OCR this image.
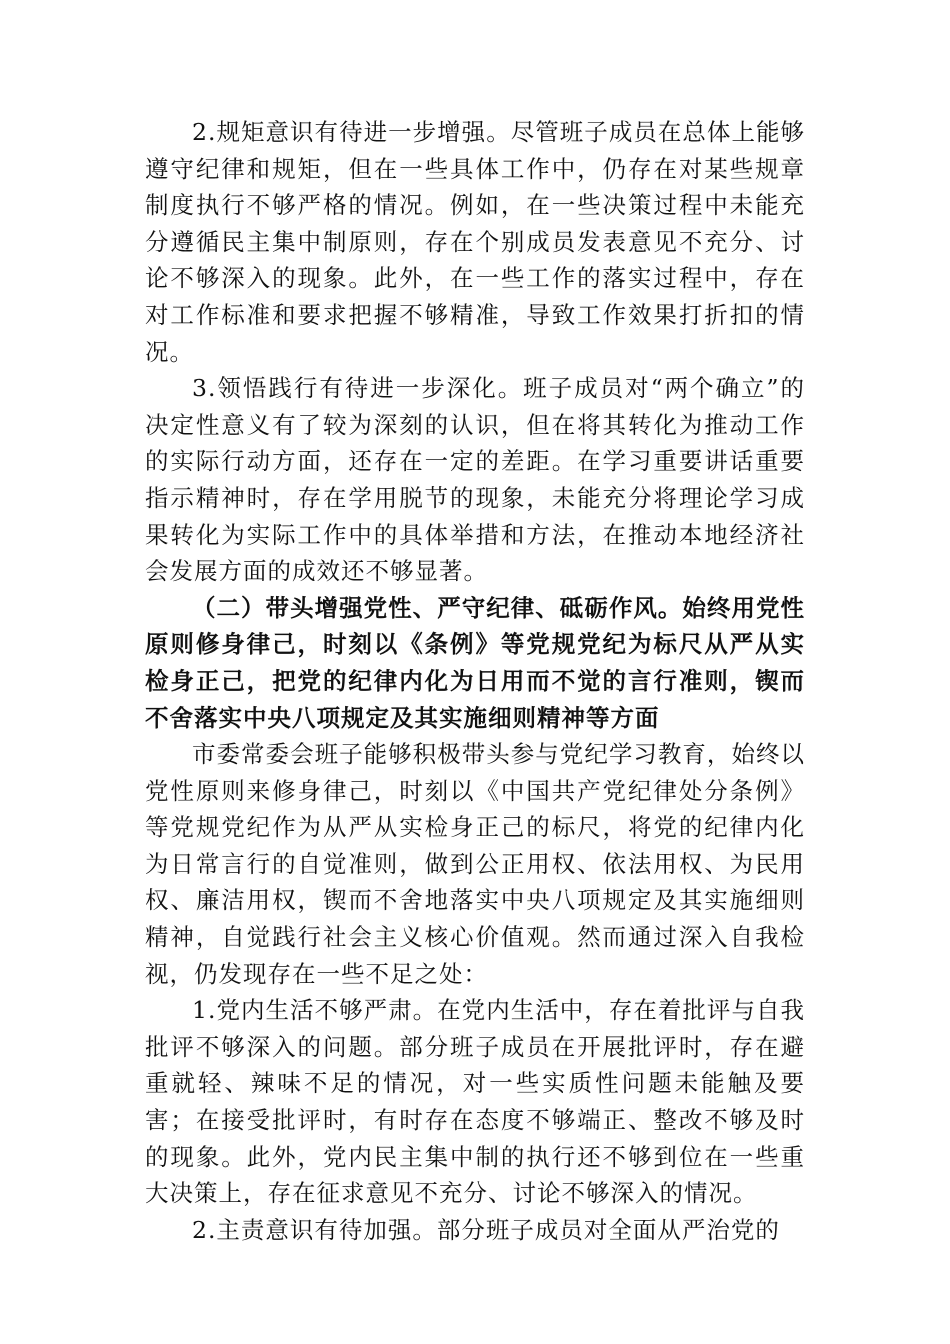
2.规矩意识有待进一步增强。尽管班子成员在总体上能够遵守纪律和规矩，但在一些具体工作中，仍存在对某些规章制度执行不够严格的情况。例如，在一些决策过程中未能充分遵循民主集中制原则，存在个别成员发表意见不充分、讨论不够深入的现象。此外，在一些工作的落实过程中，存在对工作标准和要求把握不够精准，导致工作效果打折扣的情况。

3.领悟践行有待进一步深化。班子成员对“两个确立”的决定性意义有了较为深刻的认识，但在将其转化为推动工作的实际行动方面，还存在一定的差距。在学习重要讲话重要指示精神时，存在学用脱节的现象，未能充分将理论学习成果转化为实际工作中的具体举措和方法，在推动本地经济社会发展方面的成效还不够显著。

（二）带头增强党性、严守纪律、砥砺作风。始终用党性原则修身律己，时刻以《条例》等党规党纪为标尺从严从实检身正己，把党的纪律内化为日用而不觉的言行准则，锲而不舍落实中央八项规定及其实施细则精神等方面

市委常委会班子能够积极带头参与党纪学习教育，始终以党性原则来修身律己，时刻以《中国共产党纪律处分条例》等党规党纪作为从严从实检身正己的标尺，将党的纪律内化为日常言行的自觉准则，做到公正用权、依法用权、为民用权、廉洁用权，锲而不舍地落实中央八项规定及其实施细则精神，自觉践行社会主义核心价值观。然而通过深入自我检视，仍发现存在一些不足之处：

1.党内生活不够严肃。在党内生活中，存在着批评与自我批评不够深入的问题。部分班子成员在开展批评时，存在避重就轻、辣味不足的情况，对一些实质性问题未能触及要害；在接受批评时，有时存在态度不够端正、整改不够及时的现象。此外，党内民主集中制的执行还不够到位在一些重大决策上，存在征求意见不充分、讨论不够深入的情况。

2.主责意识有待加强。部分班子成员对全面从严治党的
